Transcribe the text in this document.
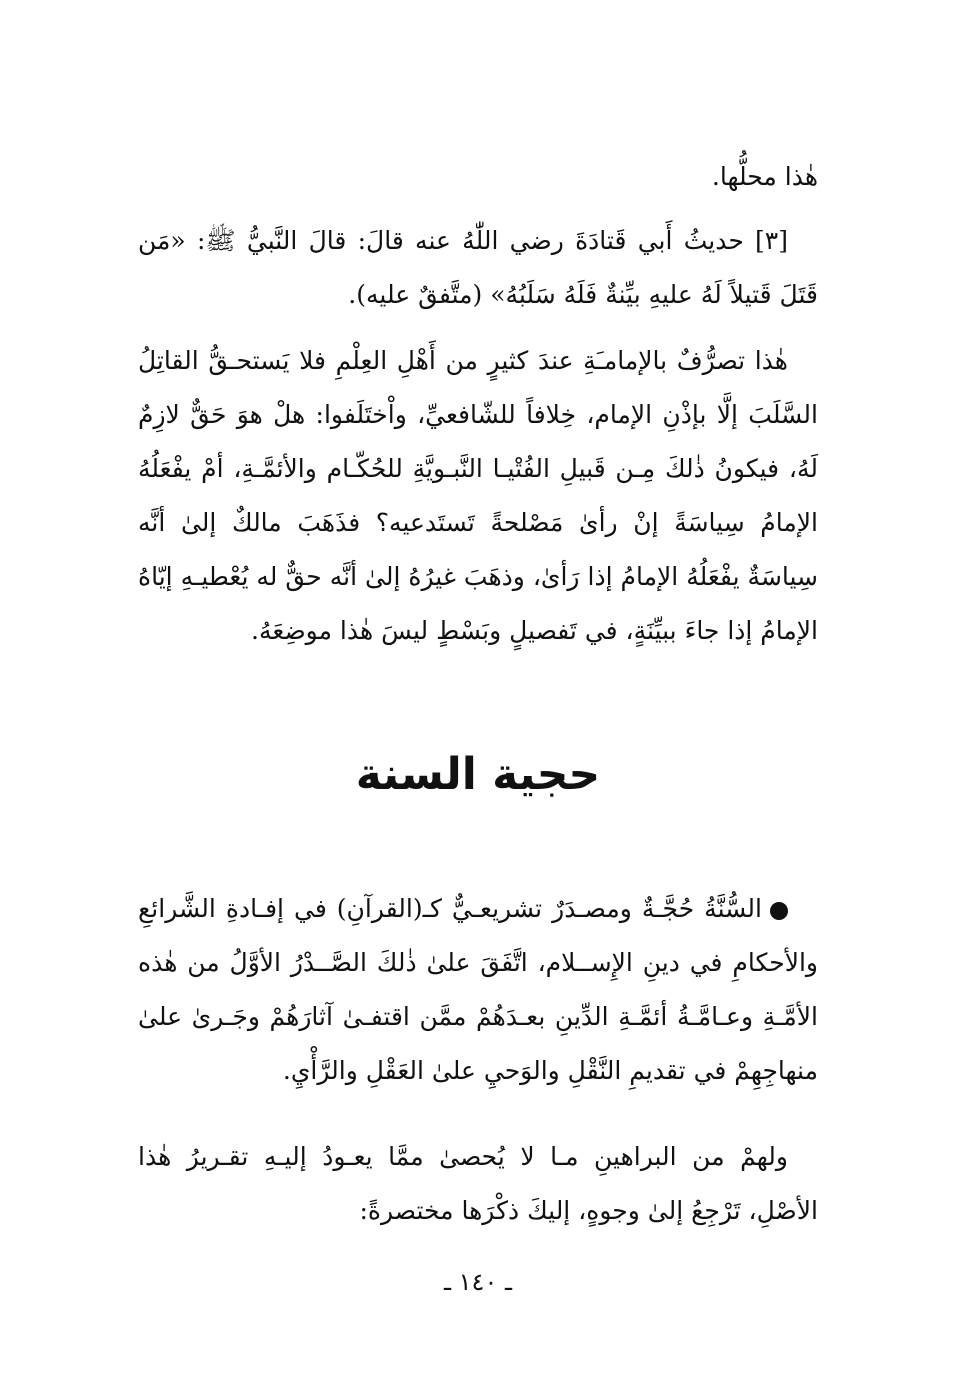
هٰذا محلُّها.

[٣] حديثُ أَبي قَتادَةَ رضي اللّٰهُ عنه قالَ: قالَ النَّبيُّ ﷺ: «مَن قَتَلَ قَتيلاً لَهُ عليهِ بيِّنةٌ فَلَهُ سَلَبُهُ» (متَّفقٌ عليه).

هٰذا تصرُّفٌ بالإمامـَةِ عندَ كثيرٍ من أَهْلِ العِلْمِ فلا يَستحـقُّ القاتِلُ السَّلَبَ إلَّا بإذْنِ الإمام، خِلافاً للشّافعيِّ، واْختَلَفوا: هلْ هوَ حَقٌّ لازِمٌ لَهُ، فيكونُ ذٰلكَ مِـن قَبيلِ الفُتْيـا النَّبـويَّةِ للحُكّـام والأئمَّـةِ، أمْ يفْعَلُهُ الإمامُ سِياسَةً إنْ رأىٰ مَصْلحةً تَستَدعيه؟ فذَهَبَ مالكٌ إلىٰ أنَّه سِياسَةٌ يفْعَلُهُ الإمامُ إذا رَأىٰ، وذهَبَ غيرُهُ إلىٰ أنَّه حقٌّ له يُعْطيـهِ إيّاهُ الإمامُ إذا جاءَ ببيِّنَةٍ، في تَفصيلٍ وبَسْطٍ ليسَ هٰذا موضِعَهُ.

حجية السنة

السُّنَّةُ حُجَّـةٌ ومصـدَرٌ تشريعـيٌّ كـ(القرآنِ) في إفـادةِ الشَّرائعِ والأحكامِ في دينِ الإِســلام، اتَّفَقَ علىٰ ذٰلكَ الصَّــدْرُ الأوَّلُ من هٰذه الأمَّـةِ وعـامَّـةُ أئمَّـةِ الدِّينِ بعـدَهُمْ ممَّن اقتفـىٰ آثارَهُمْ وجَـرىٰ علىٰ منهاجِهِمْ في تقديمِ النَّقْلِ والوَحيِ علىٰ العَقْلِ والرَّأْيِ.

ولهمْ من البراهينِ مـا لا يُحصىٰ ممَّا يعـودُ إليـهِ تقـريرُ هٰذا الأصْلِ، تَرْجِعُ إلىٰ وجوهٍ، إليكَ ذكْرَها مختصرةً:

ـ ١٤٠ ـ
